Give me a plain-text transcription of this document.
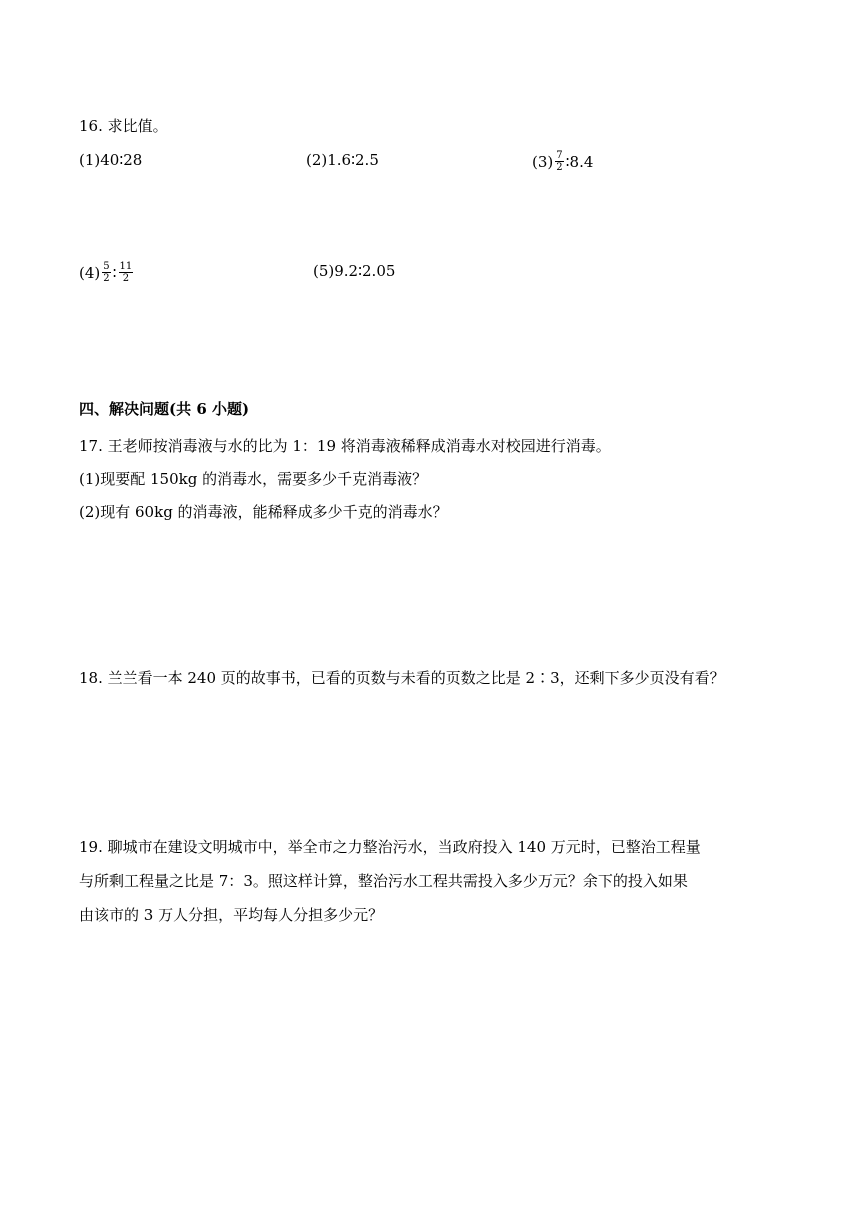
16. 求比值。
(1) 40∶28	(2) 1.6∶2.5	$(3) \frac{7}{2}$ ∶8.4
$(4) \frac{5}{2}$ ∶ $\frac{11}{2}$	(5) 9.2∶2.05
四、解决问题(共 6 小题)
17. 王老师按消毒液与水的比为 1：19 将消毒液稀释成消毒水对校园进行消毒。
(1)现要配 150kg 的消毒水，需要多少千克消毒液？
(2)现有 60kg 的消毒液，能稀释成多少千克的消毒水？
18. 兰兰看一本 240 页的故事书，已看的页数与未看的页数之比是 2∶3，还剩下多少页没有看？
19. 聊城市在建设文明城市中，举全市之力整治污水，当政府投入 140 万元时，已整治工程量
与所剩工程量之比是 7：3。照这样计算，整治污水工程共需投入多少万元？余下的投入如果
由该市的 3 万人分担，平均每人分担多少元？
